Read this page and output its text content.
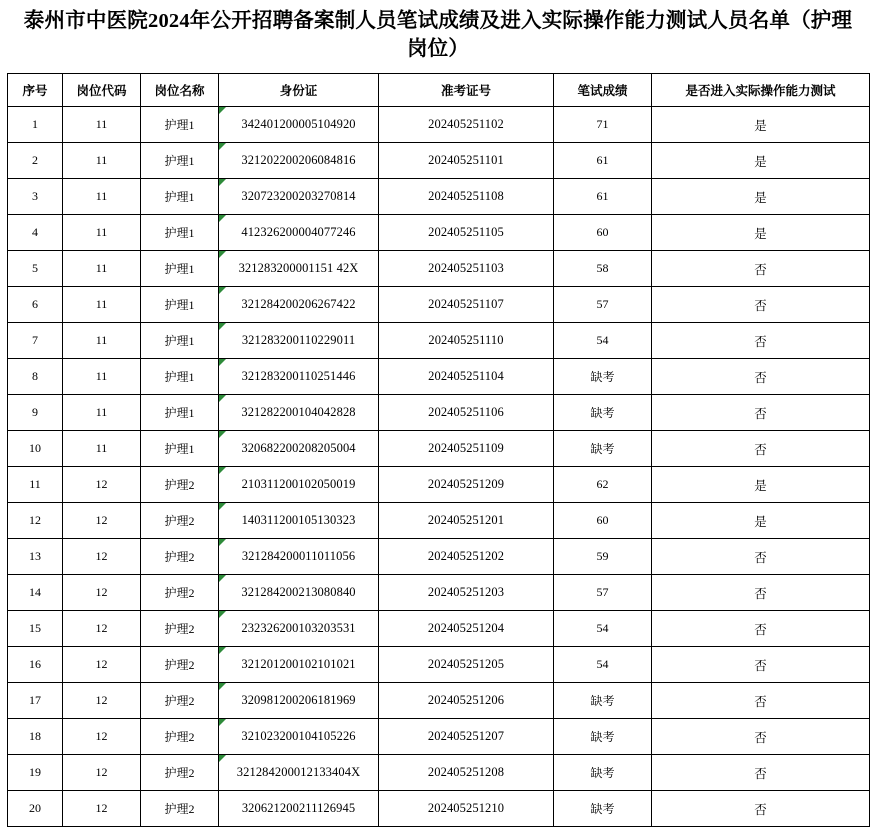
泰州市中医院2024年公开招聘备案制人员笔试成绩及进入实际操作能力测试人员名单（护理岗位）
序号	岗位代码	岗位名称	身份证	准考证号	笔试成绩	是否进入实际操作能力测试
1	11	护理1	342401200005104920	202405251102	71	是
2	11	护理1	321202200206084816	202405251101	61	是
3	11	护理1	320723200203270814	202405251108	61	是
4	11	护理1	412326200004077246	202405251105	60	是
5	11	护理1	321283200001151 42X	202405251103	58	否
6	11	护理1	321284200206267422	202405251107	57	否
7	11	护理1	321283200110229011	202405251110	54	否
8	11	护理1	321283200110251446	202405251104	缺考	否
9	11	护理1	321282200104042828	202405251106	缺考	否
10	11	护理1	320682200208205004	202405251109	缺考	否
11	12	护理2	210311200102050019	202405251209	62	是
12	12	护理2	140311200105130323	202405251201	60	是
13	12	护理2	321284200011011056	202405251202	59	否
14	12	护理2	321284200213080840	202405251203	57	否
15	12	护理2	232326200103203531	202405251204	54	否
16	12	护理2	321201200102101021	202405251205	54	否
17	12	护理2	320981200206181969	202405251206	缺考	否
18	12	护理2	321023200104105226	202405251207	缺考	否
19	12	护理2	321284200012133404X	202405251208	缺考	否
20	12	护理2	320621200211126945	202405251210	缺考	否
